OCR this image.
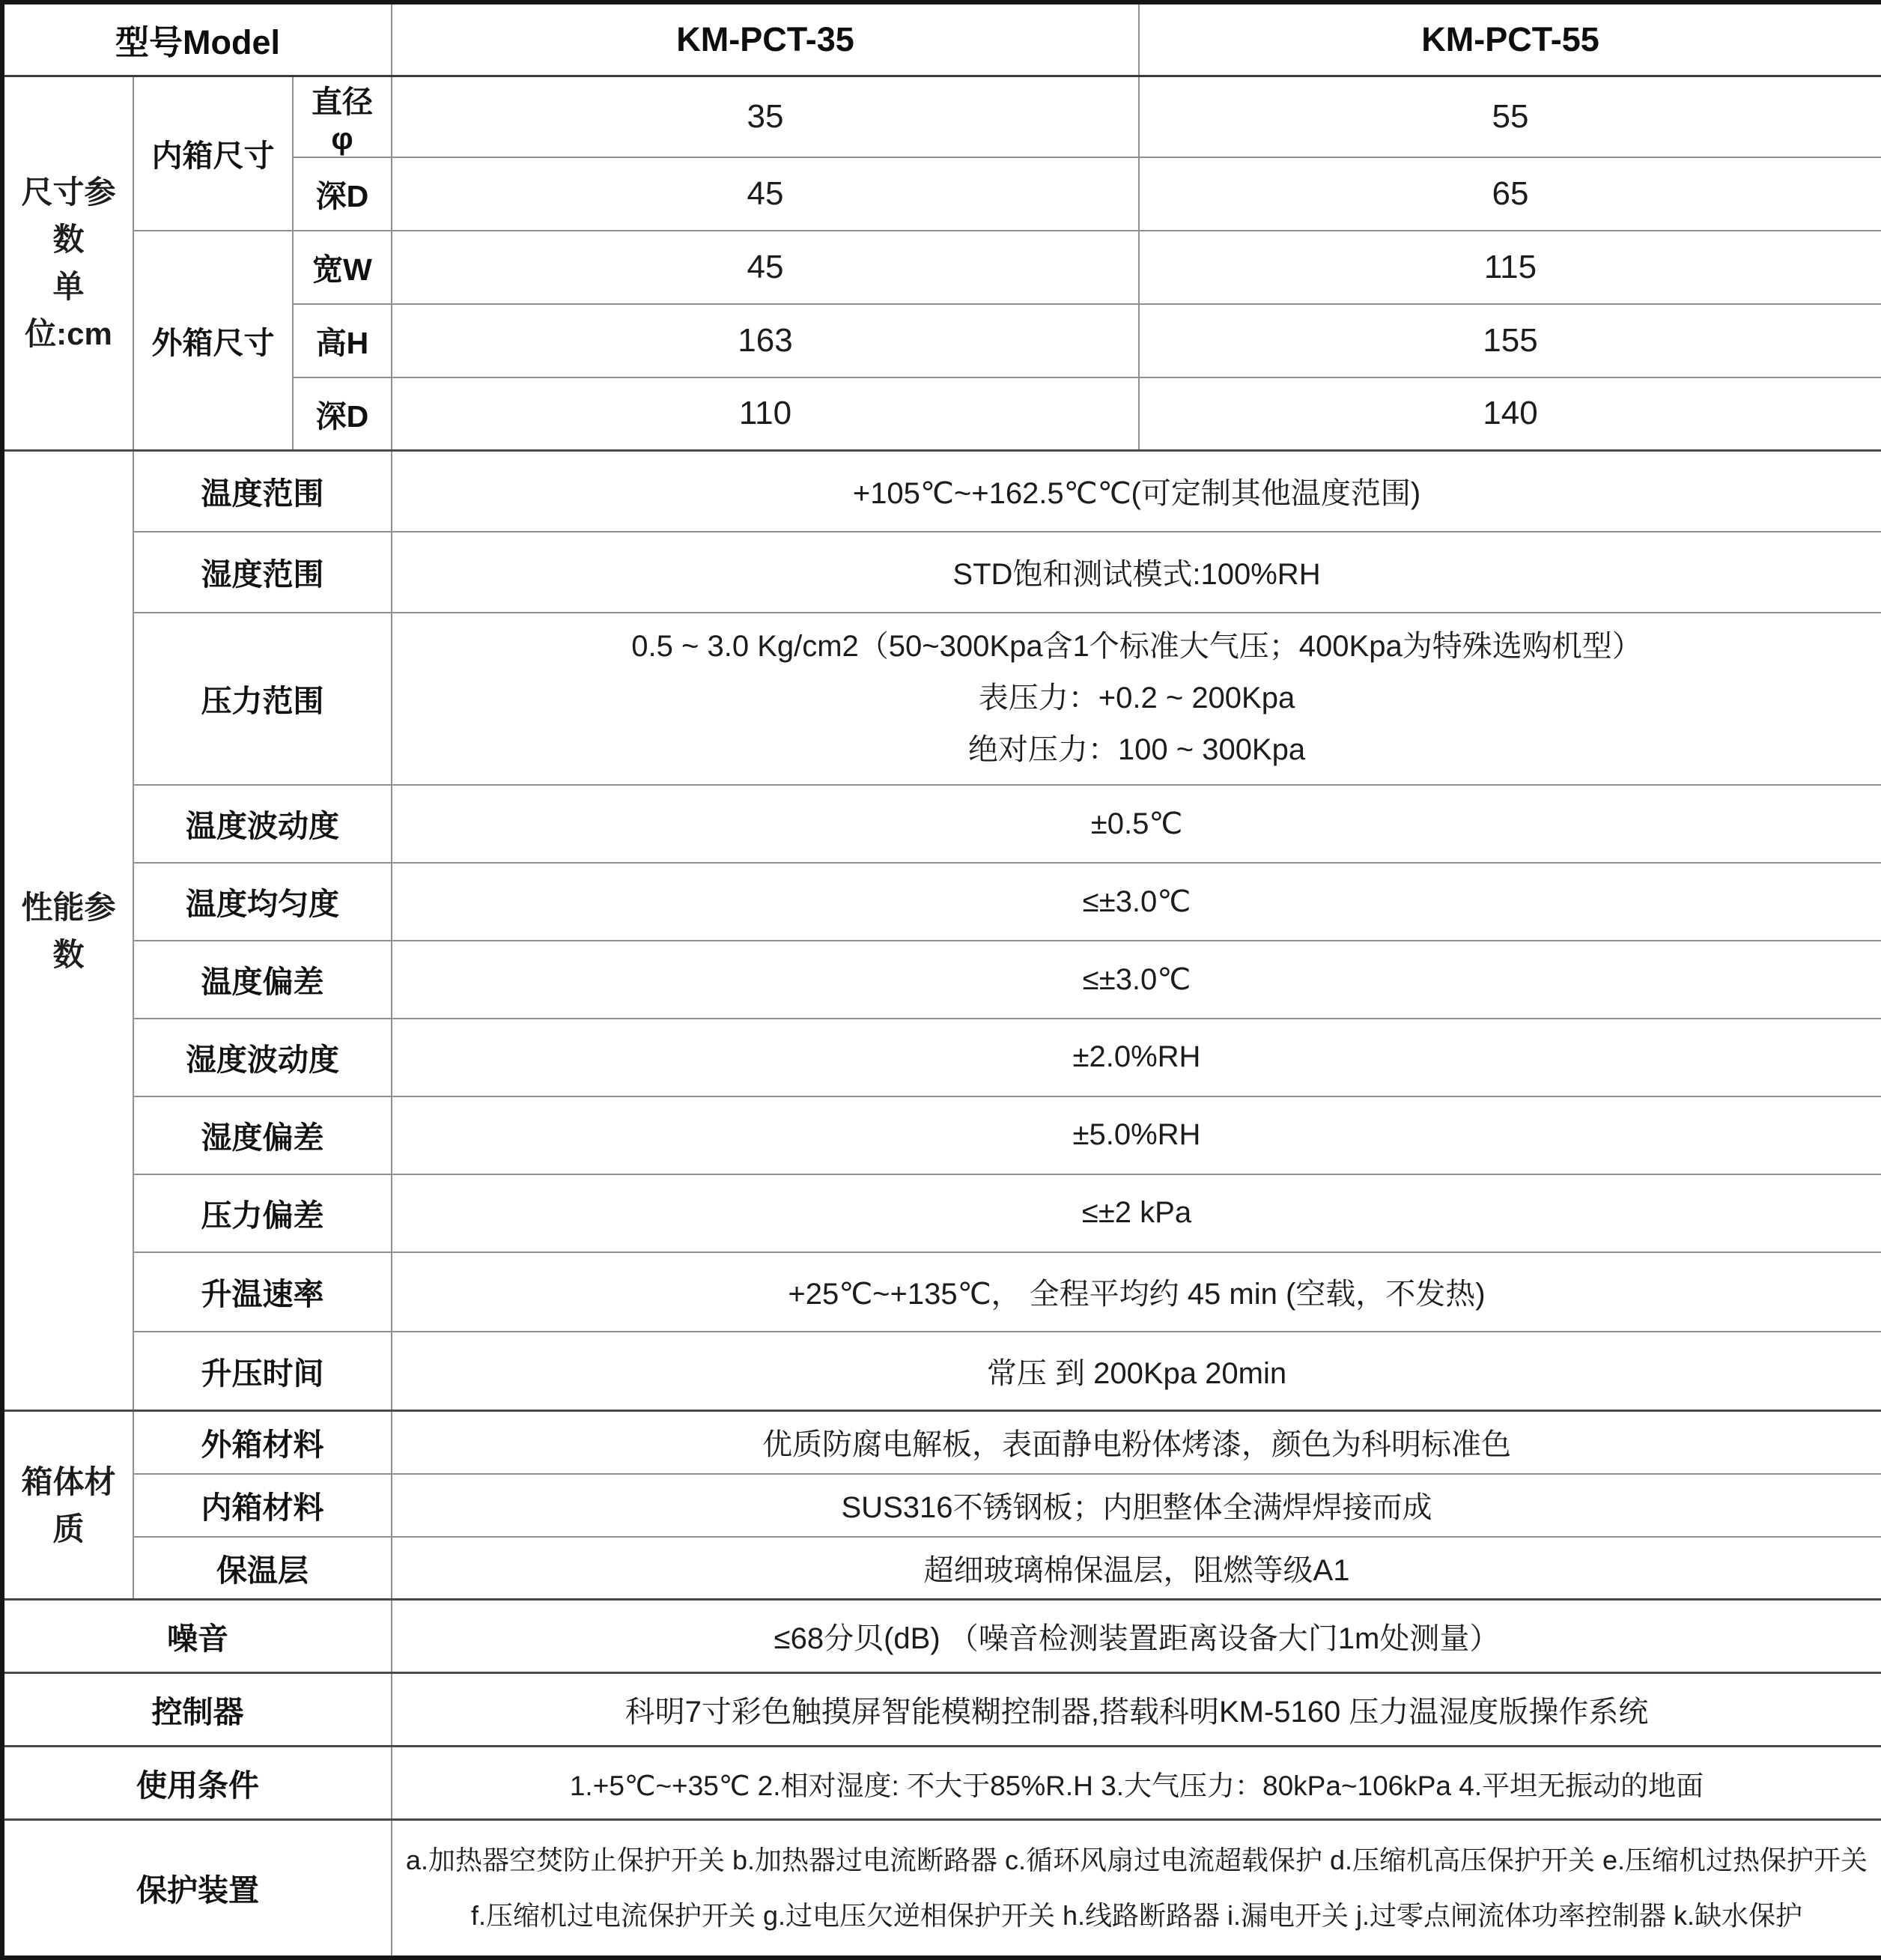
型号Model			KM-PCT-35	KM-PCT-55

尺寸参数
单位:cm	内箱尺寸	直径φ	35	55
		深D	45	65
	外箱尺寸	宽W	45	115
		高H	163	155
		深D	110	140
性能参数	温度范围		+105℃~+162.5℃℃(可定制其他温度范围)	
	湿度范围		STD饱和测试模式:100%RH	
	压力范围		0.5 ~ 3.0 Kg/cm2（50~300Kpa含1个标准大气压；400Kpa为特殊选购机型）
表压力：+0.2 ~ 200Kpa
绝对压力：100 ~ 300Kpa	

	温度波动度		±0.5℃	
	温度均匀度		≤±3.0℃	
	温度偏差		≤±3.0℃	
	湿度波动度		±2.0%RH	
	湿度偏差		±5.0%RH	
	压力偏差		≤±2 kPa	
	升温速率		+25℃~+135℃， 全程平均约 45 min (空载，不发热)	
	升压时间		常压 到 200Kpa 20min	
箱体材质	外箱材料		优质防腐电解板，表面静电粉体烤漆，颜色为科明标准色	
	内箱材料		SUS316不锈钢板；内胆整体全满焊焊接而成	
	保温层		超细玻璃棉保温层，阻燃等级A1	
噪音			≤68分贝(dB) （噪音检测装置距离设备大门1m处测量）	
控制器			科明7寸彩色触摸屏智能模糊控制器,搭载科明KM-5160 压力温湿度版操作系统	
使用条件			1.+5℃~+35℃ 2.相对湿度: 不大于85%R.H 3.大气压力：80kPa~106kPa 4.平坦无振动的地面	
保护装置			a.加热器空焚防止保护开关 b.加热器过电流断路器 c.循环风扇过电流超载保护 d.压缩机高压保护开关 e.压缩机过热保护开关
f.压缩机过电流保护开关 g.过电压欠逆相保护开关 h.线路断路器 i.漏电开关 j.过零点闸流体功率控制器 k.缺水保护	
